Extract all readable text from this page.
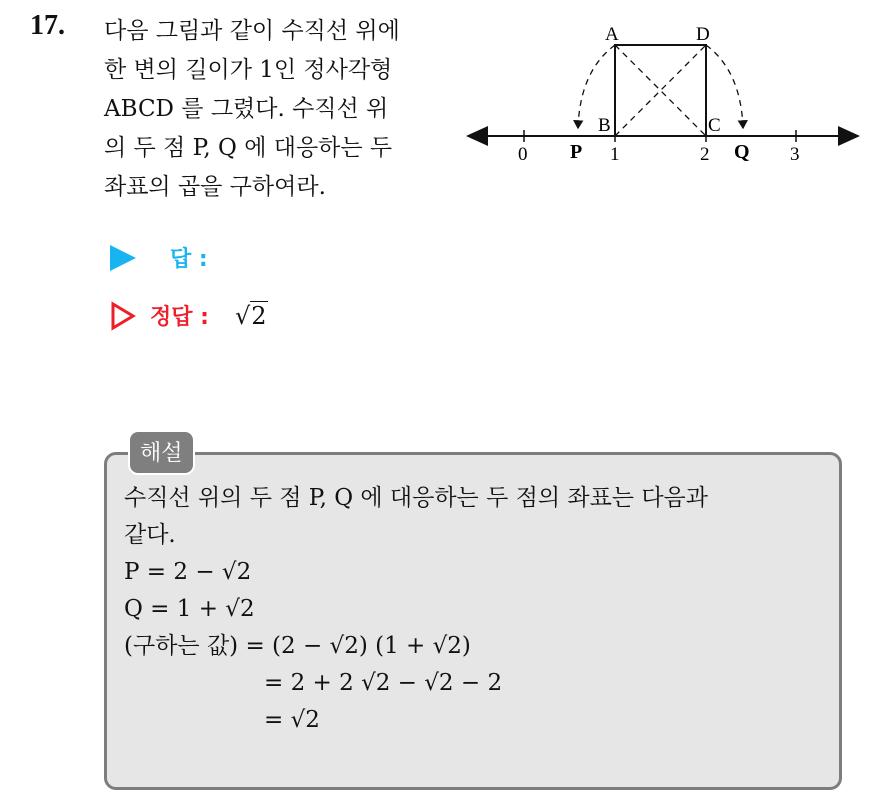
17. 다음 그림과 같이 수직선 위에
한 변의 길이가 1인 정사각형
ABCD 를 그렸다. 수직선 위
의 두 점 P, Q 에 대응하는 두
좌표의 곱을 구하여라.
A	D
B	C
0	1	2	3
P	Q
답 :
정답 : √2
해설
수직선 위의 두 점 P, Q 에 대응하는 두 점의 좌표는 다음과
같다.
P = 2 − √2
Q = 1 + √2
(구하는 값) = (2 − √2) (1 + √2)
= 2 + 2 √2 − √2 − 2
= √2
